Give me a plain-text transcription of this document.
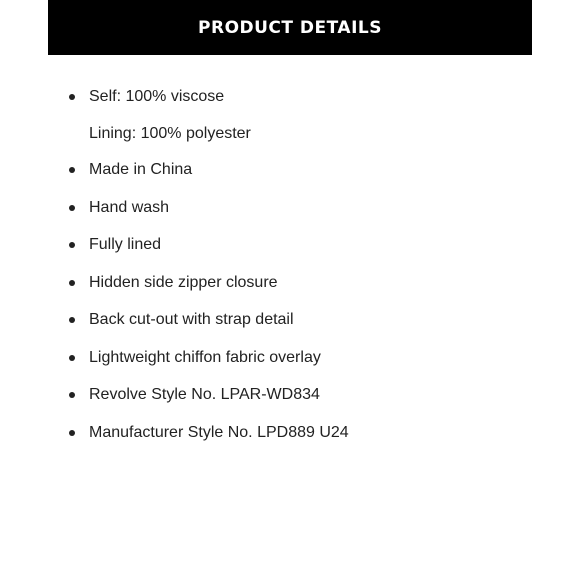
PRODUCT DETAILS
Self: 100% viscose
Lining: 100% polyester
Made in China
Hand wash
Fully lined
Hidden side zipper closure
Back cut-out with strap detail
Lightweight chiffon fabric overlay
Revolve Style No. LPAR-WD834
Manufacturer Style No. LPD889 U24
